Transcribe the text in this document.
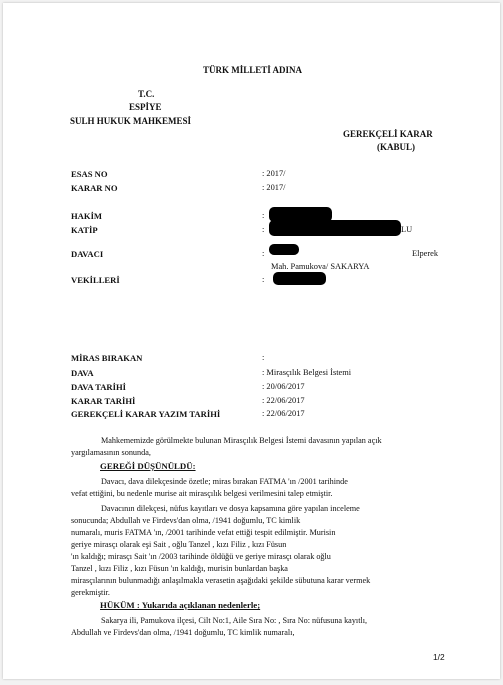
TÜRK MİLLETİ ADINA
T.C.
ESPİYE
SULH HUKUK MAHKEMESİ
GEREKÇELİ KARAR
(KABUL)
ESAS NO	: 2017/
KARAR NO	: 2017/
HAKİM	:
KATİP	:	LU
DAVACI	:	Elperek
Mah. Pamukova/ SAKARYA
VEKİLLERİ	:
MİRAS BIRAKAN	:
DAVA	: Mirasçılık Belgesi İstemi
DAVA TARİHİ	: 20/06/2017
KARAR TARİHİ	: 22/06/2017
GEREKÇELİ KARAR YAZIM TARİHİ	: 22/06/2017
Mahkememizde görülmekte bulunan Mirasçılık Belgesi İstemi davasının yapılan açık
yargılamasının sonunda,
GEREĞİ DÜŞÜNÜLDÜ:
Davacı, dava dilekçesinde özetle; miras bırakan FATMA 'ın /2001 tarihinde
vefat ettiğini, bu nedenle murise ait mirasçılık belgesi verilmesini talep etmiştir.
Davacının dilekçesi, nüfus kayıtları ve dosya kapsamına göre yapılan inceleme
sonucunda; Abdullah ve Firdevs'dan olma, /1941 doğumlu, TC kimlik
numaralı, muris FATMA 'ın, /2001 tarihinde vefat ettiği tespit edilmiştir. Murisin
geriye mirasçı olarak eşi Sait , oğlu Tanzel , kızı Filiz , kızı Füsun
'ın kaldığı; mirasçı Sait 'ın /2003 tarihinde öldüğü ve geriye mirasçı olarak oğlu
Tanzel , kızı Filiz , kızı Füsun 'ın kaldığı, murisin bunlardan başka
mirasçılarının bulunmadığı anlaşılmakla verasetin aşağıdaki şekilde sübutuna karar vermek
gerekmiştir.
HÜKÜM : Yukarıda açıklanan nedenlerle;
Sakarya ili, Pamukova ilçesi, Cilt No:1, Aile Sıra No: , Sıra No: nüfusuna kayıtlı,
Abdullah ve Firdevs'dan olma, /1941 doğumlu, TC kimlik numaralı,
1/2
